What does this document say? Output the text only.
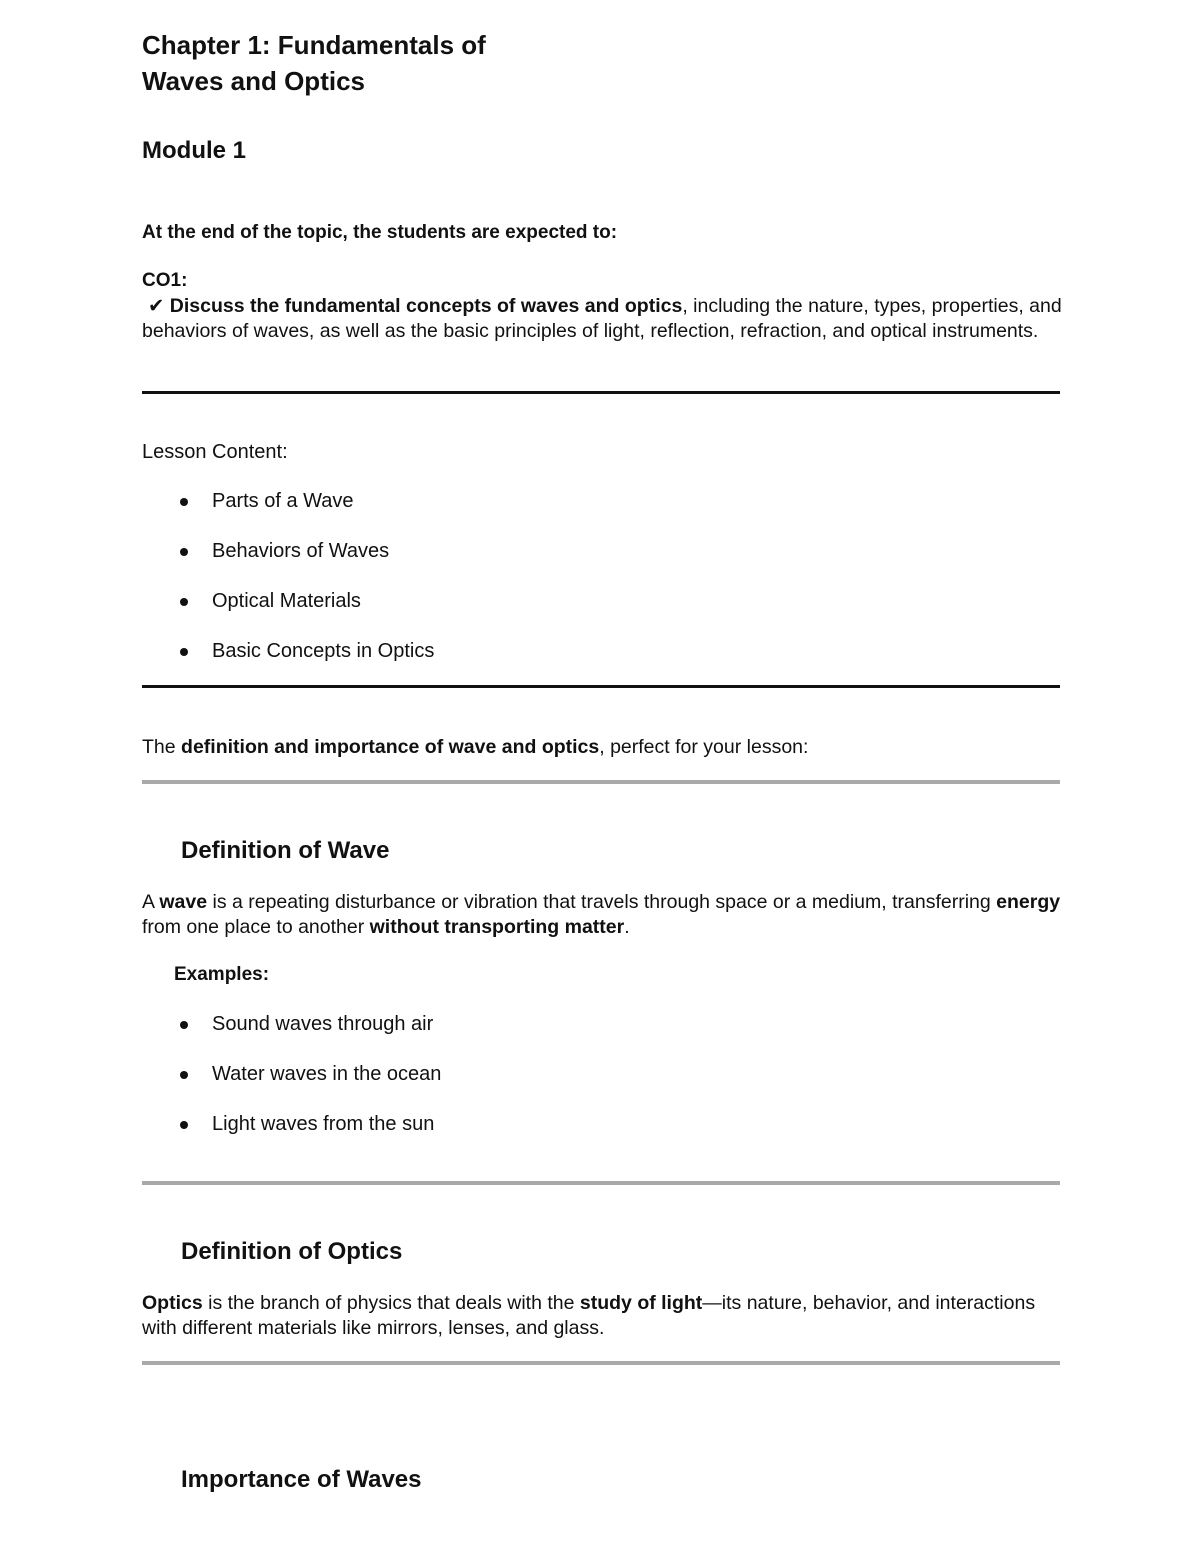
Chapter 1: Fundamentals of
Waves and Optics
Module 1
At the end of the topic, the students are expected to:
CO1:
✔ Discuss the fundamental concepts of waves and optics, including the nature, types, properties, and behaviors of waves, as well as the basic principles of light, reflection, refraction, and optical instruments.
Lesson Content:
Parts of a Wave
Behaviors of Waves
Optical Materials
Basic Concepts in Optics
The definition and importance of wave and optics, perfect for your lesson:
Definition of Wave
A wave is a repeating disturbance or vibration that travels through space or a medium, transferring energy from one place to another without transporting matter.
Examples:
Sound waves through air
Water waves in the ocean
Light waves from the sun
Definition of Optics
Optics is the branch of physics that deals with the study of light—its nature, behavior, and interactions with different materials like mirrors, lenses, and glass.
Importance of Waves
